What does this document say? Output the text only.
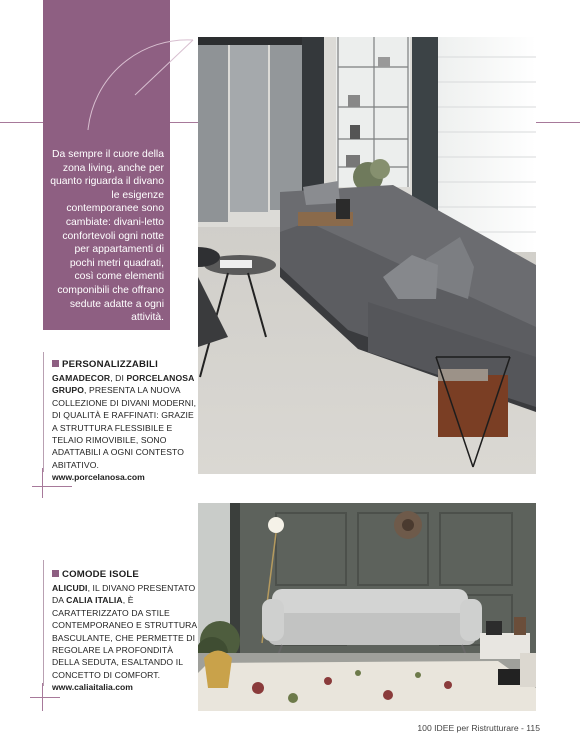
Da sempre il cuore della zona living, anche per quanto riguarda il divano le esigenze contemporanee sono cambiate: divani-letto confortevoli ogni notte per appartamenti di pochi metri quadrati, così come elementi componibili che offrano sedute adatte a ogni attività.
PERSONALIZZABILI
GAMADECOR, DI PORCELANOSA GRUPO, PRESENTA LA NUOVA COLLEZIONE DI DIVANI MODERNI, DI QUALITÀ E RAFFINATI: GRAZIE A STRUTTURA FLESSIBILE E TELAIO RIMOVIBILE, SONO ADATTABILI A OGNI CONTESTO ABITATIVO.
www.porcelanosa.com
COMODE ISOLE
ALICUDI, IL DIVANO PRESENTATO DA CALIA ITALIA, È CARATTERIZZATO DA STILE CONTEMPORANEO E STRUTTURA BASCULANTE, CHE PERMETTE DI REGOLARE LA PROFONDITÀ DELLA SEDUTA, ESALTANDO IL CONCETTO DI COMFORT.
www.caliaitalia.com
100 IDEE per Ristrutturare - 115
